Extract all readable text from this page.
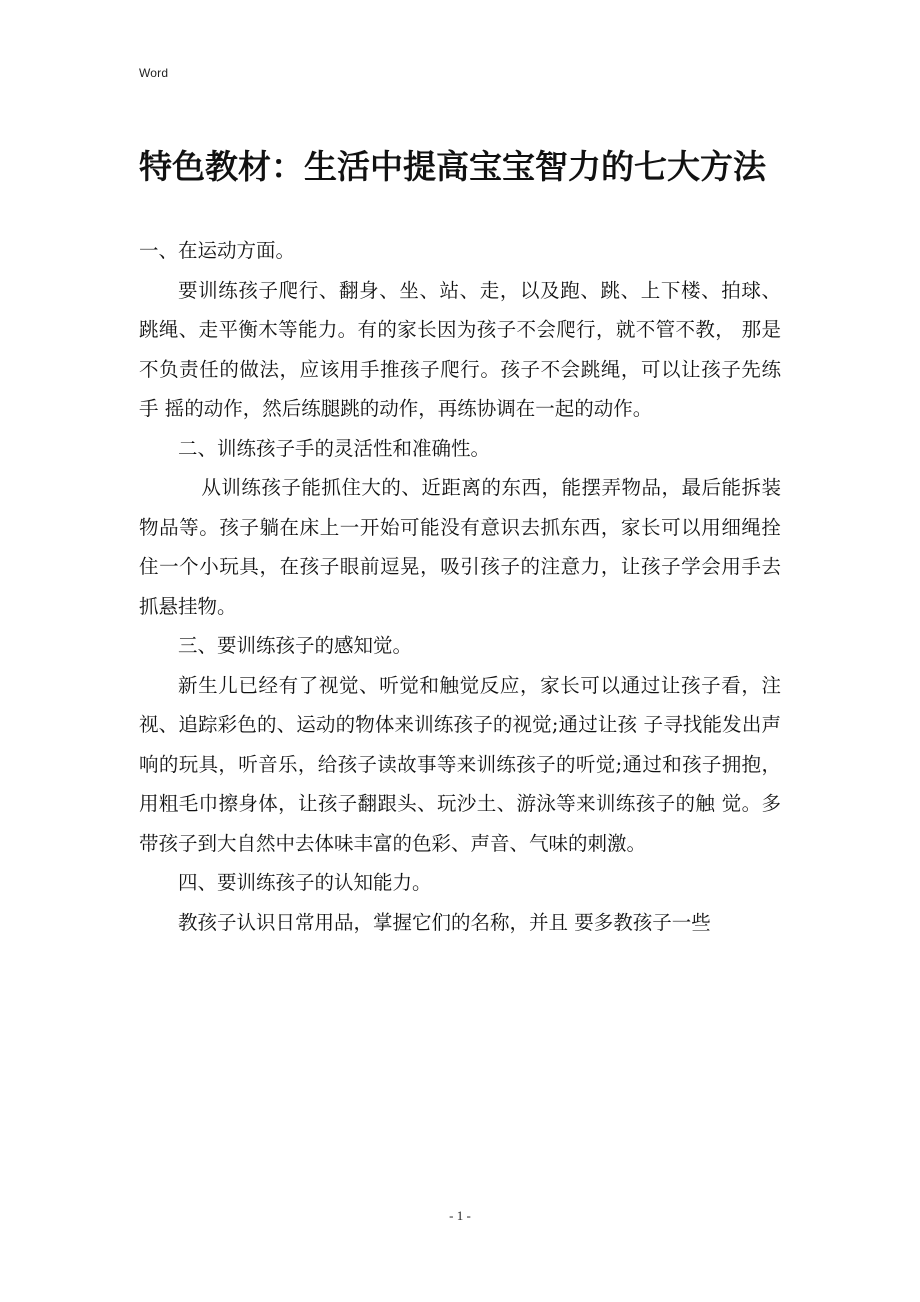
Word
特色教材：生活中提高宝宝智力的七大方法

一、在运动方面。

要训练孩子爬行、翻身、坐、站、走，以及跑、跳、上下楼、拍球、跳绳、走平衡木等能力。有的家长因为孩子不会爬行，就不管不教， 那是不负责任的做法，应该用手推孩子爬行。孩子不会跳绳，可以让孩子先练手 摇的动作，然后练腿跳的动作，再练协调在一起的动作。

二、训练孩子手的灵活性和准确性。

从训练孩子能抓住大的、近距离的东西，能摆弄物品，最后能拆装物品等。孩子躺在床上一开始可能没有意识去抓东西，家长可以用细绳拴住一个小玩具，在孩子眼前逗晃，吸引孩子的注意力，让孩子学会用手去抓悬挂物。

三、要训练孩子的感知觉。

新生儿已经有了视觉、听觉和触觉反应，家长可以通过让孩子看，注视、追踪彩色的、运动的物体来训练孩子的视觉;通过让孩 子寻找能发出声响的玩具，听音乐，给孩子读故事等来训练孩子的听觉;通过和孩子拥抱，用粗毛巾擦身体，让孩子翻跟头、玩沙土、游泳等来训练孩子的触 觉。多带孩子到大自然中去体味丰富的色彩、声音、气味的刺激。

四、要训练孩子的认知能力。

教孩子认识日常用品，掌握它们的名称，并且 要多教孩子一些

- 1 -
